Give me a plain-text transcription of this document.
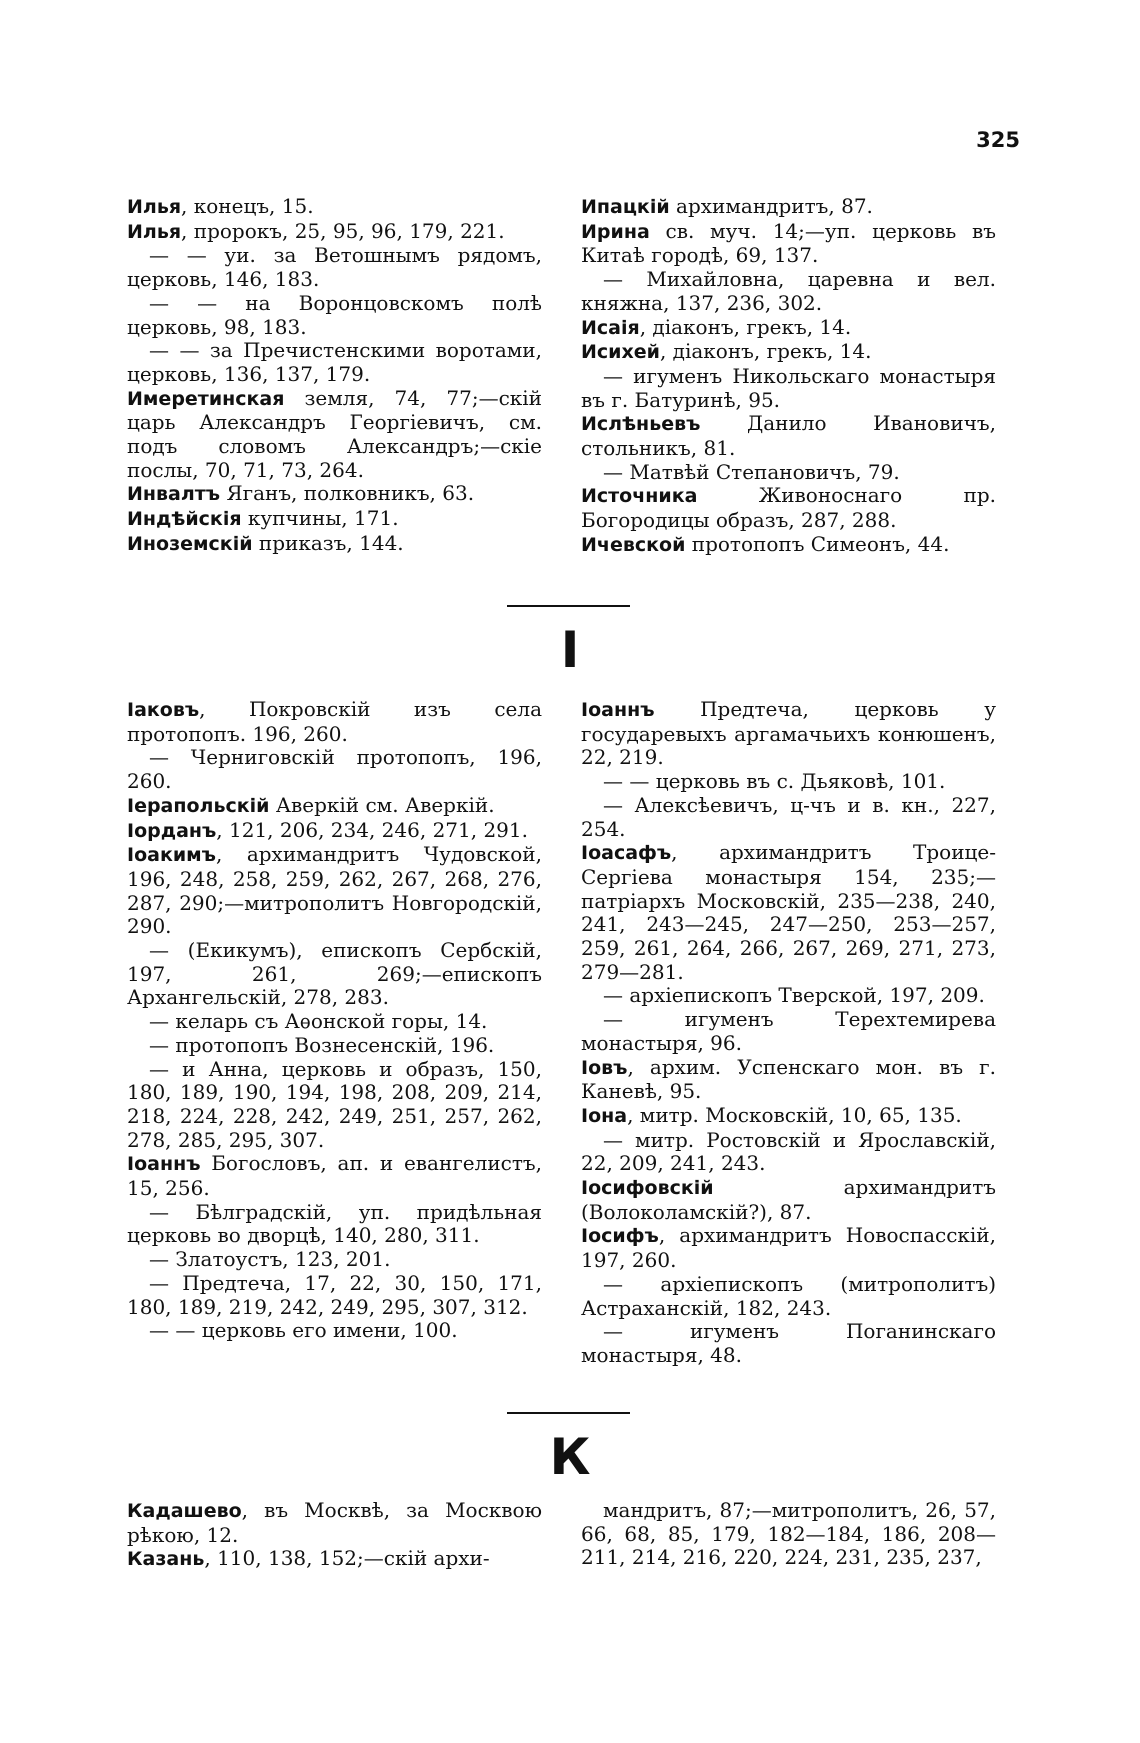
325

Илья, конецъ, 15.

Илья, пророкъ, 25, 95, 96, 179, 221.

— — уи. за Ветошнымъ рядомъ, церковь, 146, 183.

— — на Воронцовскомъ полѣ церковь, 98, 183.

— — за Пречистенскими воротами, церковь, 136, 137, 179.

Имеретинская земля, 74, 77;—скій царь Александръ Георгіевичъ, см. подъ словомъ Александръ;—скіе послы, 70, 71, 73, 264.

Инвалтъ Яганъ, полковникъ, 63.

Индѣйскія купчины, 171.

Иноземскій приказъ, 144.

Ипацкій архимандритъ, 87.

Ирина св. муч. 14;—уп. церковь въ Китаѣ городѣ, 69, 137.

— Михайловна, царевна и вел. княжна, 137, 236, 302.

Исаія, діаконъ, грекъ, 14.

Исихей, діаконъ, грекъ, 14.

— игуменъ Никольскаго монастыря въ г. Батуринѣ, 95.

Ислѣньевъ Данило Ивановичъ, стольникъ, 81.

— Матвѣй Степановичъ, 79.

Источника Живоноснаго пр. Богородицы образъ, 287, 288.

Ичевской протопопъ Симеонъ, 44.

I

Іаковъ, Покровскій изъ села протопопъ. 196, 260.

— Черниговскій протопопъ, 196, 260.

Іерапольскій Аверкій см. Аверкій.

Іорданъ, 121, 206, 234, 246, 271, 291.

Іоакимъ, архимандритъ Чудовской, 196, 248, 258, 259, 262, 267, 268, 276, 287, 290;—митрополитъ Новгородскій, 290.

— (Екикумъ), епископъ Сербскій, 197, 261, 269;—епископъ Архангельскій, 278, 283.

— келарь съ Аѳонской горы, 14.

— протопопъ Вознесенскій, 196.

— и Анна, церковь и образъ, 150, 180, 189, 190, 194, 198, 208, 209, 214, 218, 224, 228, 242, 249, 251, 257, 262, 278, 285, 295, 307.

Іоаннъ Богословъ, ап. и евангелистъ, 15, 256.

— Бѣлградскій, уп. придѣльная церковь во дворцѣ, 140, 280, 311.

— Златоустъ, 123, 201.

— Предтеча, 17, 22, 30, 150, 171, 180, 189, 219, 242, 249, 295, 307, 312.

— — церковь его имени, 100.

Іоаннъ Предтеча, церковь у государевыхъ аргамачьихъ конюшенъ, 22, 219.

— — церковь въ с. Дьяковѣ, 101.

— Алексѣевичъ, ц-чъ и в. кн., 227, 254.

Іоасафъ, архимандритъ Троице-Сергіева монастыря 154, 235;—патріархъ Московскій, 235—238, 240, 241, 243—245, 247—250, 253—257, 259, 261, 264, 266, 267, 269, 271, 273, 279—281.

— архіепископъ Тверской, 197, 209.

— игуменъ Терехтемирева монастыря, 96.

Іовъ, архим. Успенскаго мон. въ г. Каневѣ, 95.

Іона, митр. Московскій, 10, 65, 135.

— митр. Ростовскій и Ярославскій, 22, 209, 241, 243.

Іосифовскій архимандритъ (Волоколамскій?), 87.

Іосифъ, архимандритъ Новоспасскій, 197, 260.

— архіепископъ (митрополитъ) Астраханскій, 182, 243.

— игуменъ Поганинскаго монастыря, 48.

К

Кадашево, въ Москвѣ, за Москвою рѣкою, 12.

Казань, 110, 138, 152;—скій архи-

мандритъ, 87;—митрополитъ, 26, 57, 66, 68, 85, 179, 182—184, 186, 208—211, 214, 216, 220, 224, 231, 235, 237,
